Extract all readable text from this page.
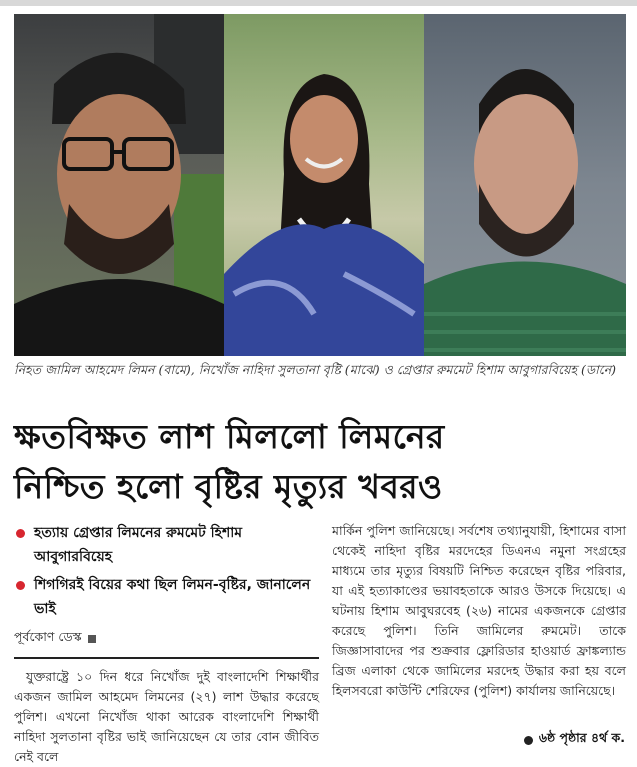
নিহত জামিল আহমেদ লিমন (বামে), নিখোঁজ নাহিদা সুলতানা বৃষ্টি (মাঝে) ও গ্রেপ্তার রুমমেট হিশাম আবুগারবিয়েহ (ডানে)
ক্ষতবিক্ষত লাশ মিললো লিমনের
নিশ্চিত হলো বৃষ্টির মৃত্যুর খবরও
হত্যায় গ্রেপ্তার লিমনের রুমমেট হিশাম আবুগারবিয়েহ
শিগগিরই বিয়ের কথা ছিল লিমন-বৃষ্টির, জানালেন ভাই
পূর্বকোণ ডেস্ক
যুক্তরাষ্ট্রে ১০ দিন ধরে নিখোঁজ দুই বাংলাদেশি শিক্ষার্থীর একজন জামিল আহমেদ লিমনের (২৭) লাশ উদ্ধার করেছে পুলিশ। এখনো নিখোঁজ থাকা আরেক বাংলাদেশি শিক্ষার্থী নাহিদা সুলতানা বৃষ্টির ভাই জানিয়েছেন যে তার বোন জীবিত নেই বলে
মার্কিন পুলিশ জানিয়েছে। সর্বশেষ তথ্যানুযায়ী, হিশামের বাসা থেকেই নাহিদা বৃষ্টির মরদেহের ডিএনএ নমুনা সংগ্রহের মাধ্যমে তার মৃত্যুর বিষয়টি নিশ্চিত করেছেন বৃষ্টির পরিবার, যা এই হত্যাকাণ্ডের ভয়াবহতাকে আরও উসকে দিয়েছে। এ ঘটনায় হিশাম আবুঘরবেহ (২৬) নামের একজনকে গ্রেপ্তার করেছে পুলিশ। তিনি জামিলের রুমমেট। তাকে জিজ্ঞাসাবাদের পর শুক্রবার ফ্লোরিডার হাওয়ার্ড ফ্রাঙ্কল্যান্ড ব্রিজ এলাকা থেকে জামিলের মরদেহ উদ্ধার করা হয় বলে হিলসবরো কাউন্টি শেরিফের (পুলিশ) কার্যালয় জানিয়েছে।
৬ষ্ঠ পৃষ্ঠার ৪র্থ ক.
